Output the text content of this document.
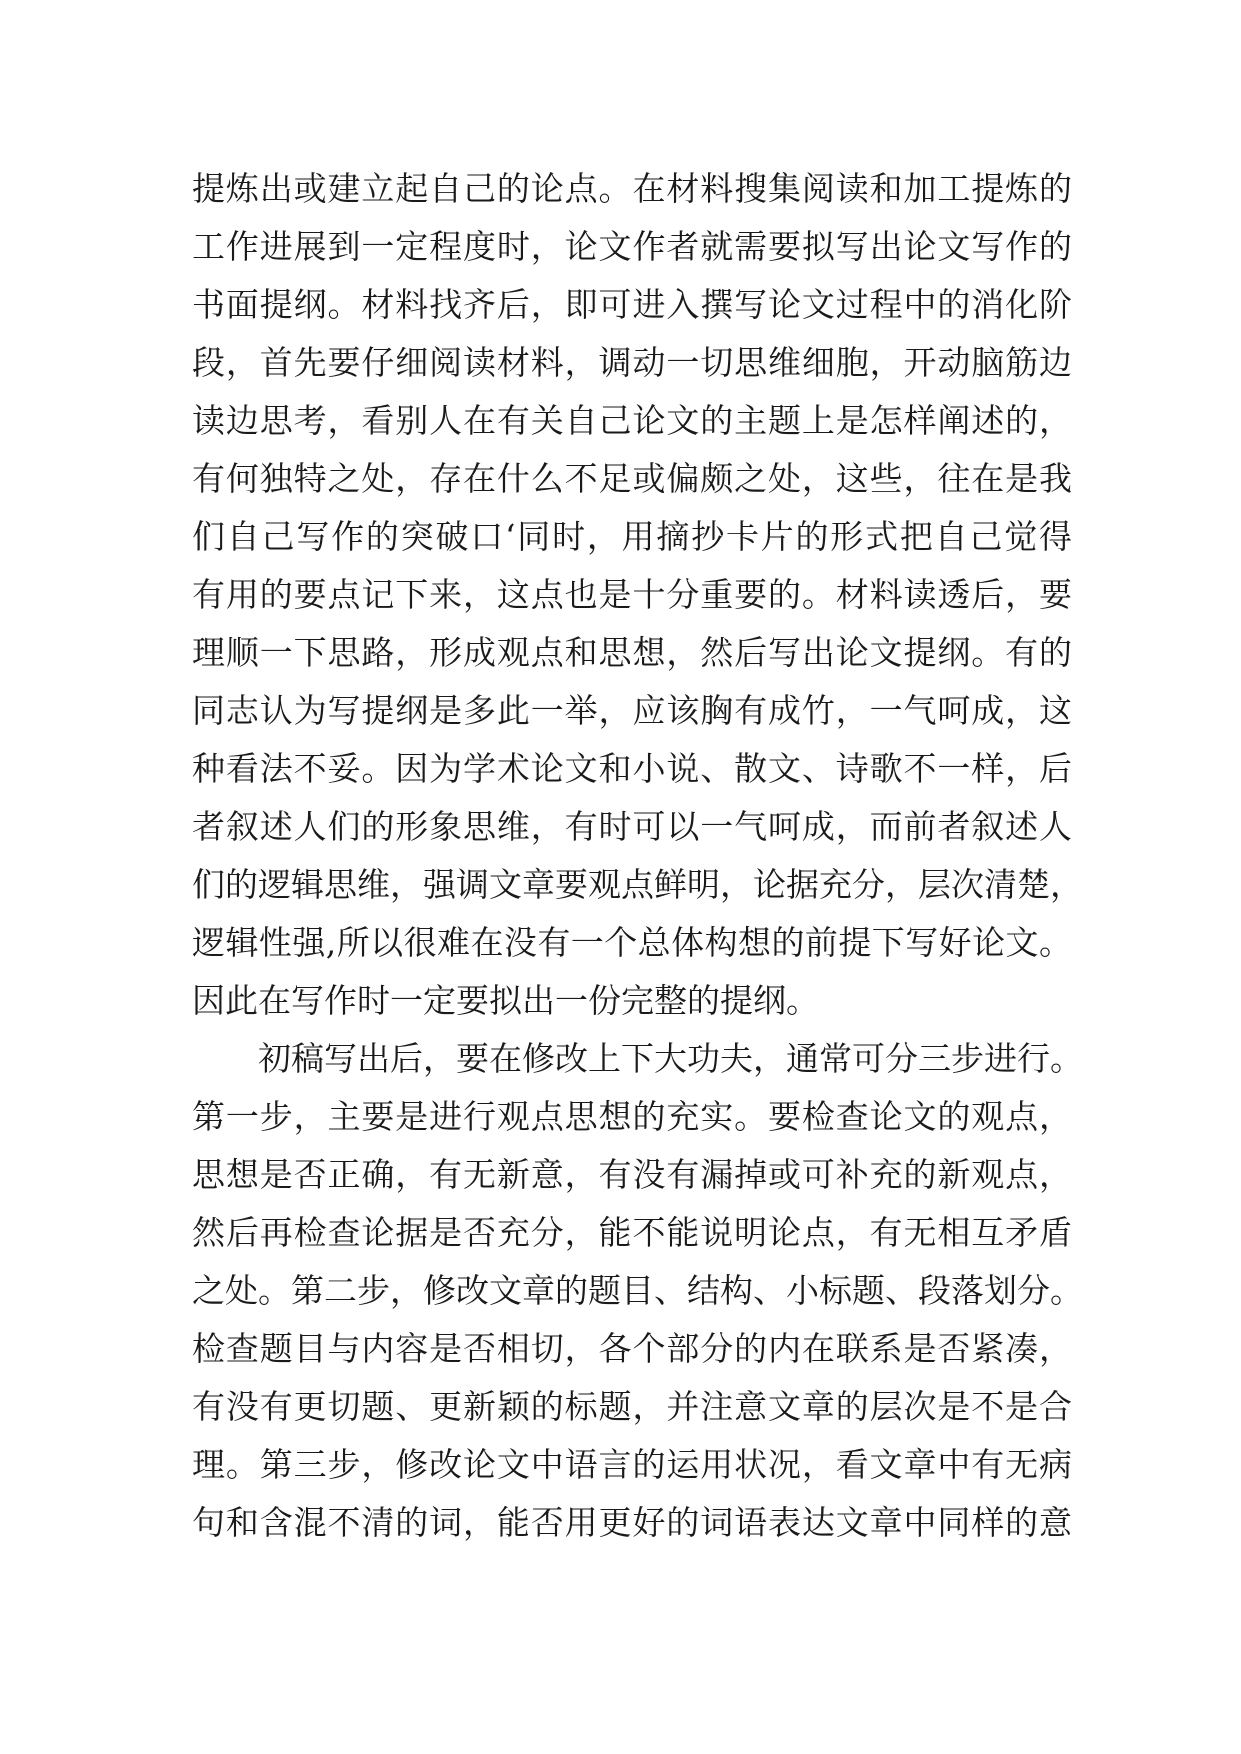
提炼出或建立起自己的论点。在材料搜集阅读和加工提炼的
工作进展到一定程度时，论文作者就需要拟写出论文写作的
书面提纲。材料找齐后，即可进入撰写论文过程中的消化阶
段，首先要仔细阅读材料，调动一切思维细胞，开动脑筋边
读边思考，看别人在有关自己论文的主题上是怎样阐述的，
有何独特之处，存在什么不足或偏颇之处，这些，往在是我
们自己写作的突破口‘同时，用摘抄卡片的形式把自己觉得
有用的要点记下来，这点也是十分重要的。材料读透后，要
理顺一下思路，形成观点和思想，然后写出论文提纲。有的
同志认为写提纲是多此一举，应该胸有成竹，一气呵成，这
种看法不妥。因为学术论文和小说、散文、诗歌不一样，后
者叙述人们的形象思维，有时可以一气呵成，而前者叙述人
们的逻辑思维，强调文章要观点鲜明，论据充分，层次清楚，
逻辑性强,所以很难在没有一个总体构想的前提下写好论文。
因此在写作时一定要拟出一份完整的提纲。
初稿写出后，要在修改上下大功夫，通常可分三步进行。
第一步，主要是进行观点思想的充实。要检查论文的观点，
思想是否正确，有无新意，有没有漏掉或可补充的新观点，
然后再检查论据是否充分，能不能说明论点，有无相互矛盾
之处。第二步，修改文章的题目、结构、小标题、段落划分。
检查题目与内容是否相切，各个部分的内在联系是否紧凑，
有没有更切题、更新颖的标题，并注意文章的层次是不是合
理。第三步，修改论文中语言的运用状况，看文章中有无病
句和含混不清的词，能否用更好的词语表达文章中同样的意
